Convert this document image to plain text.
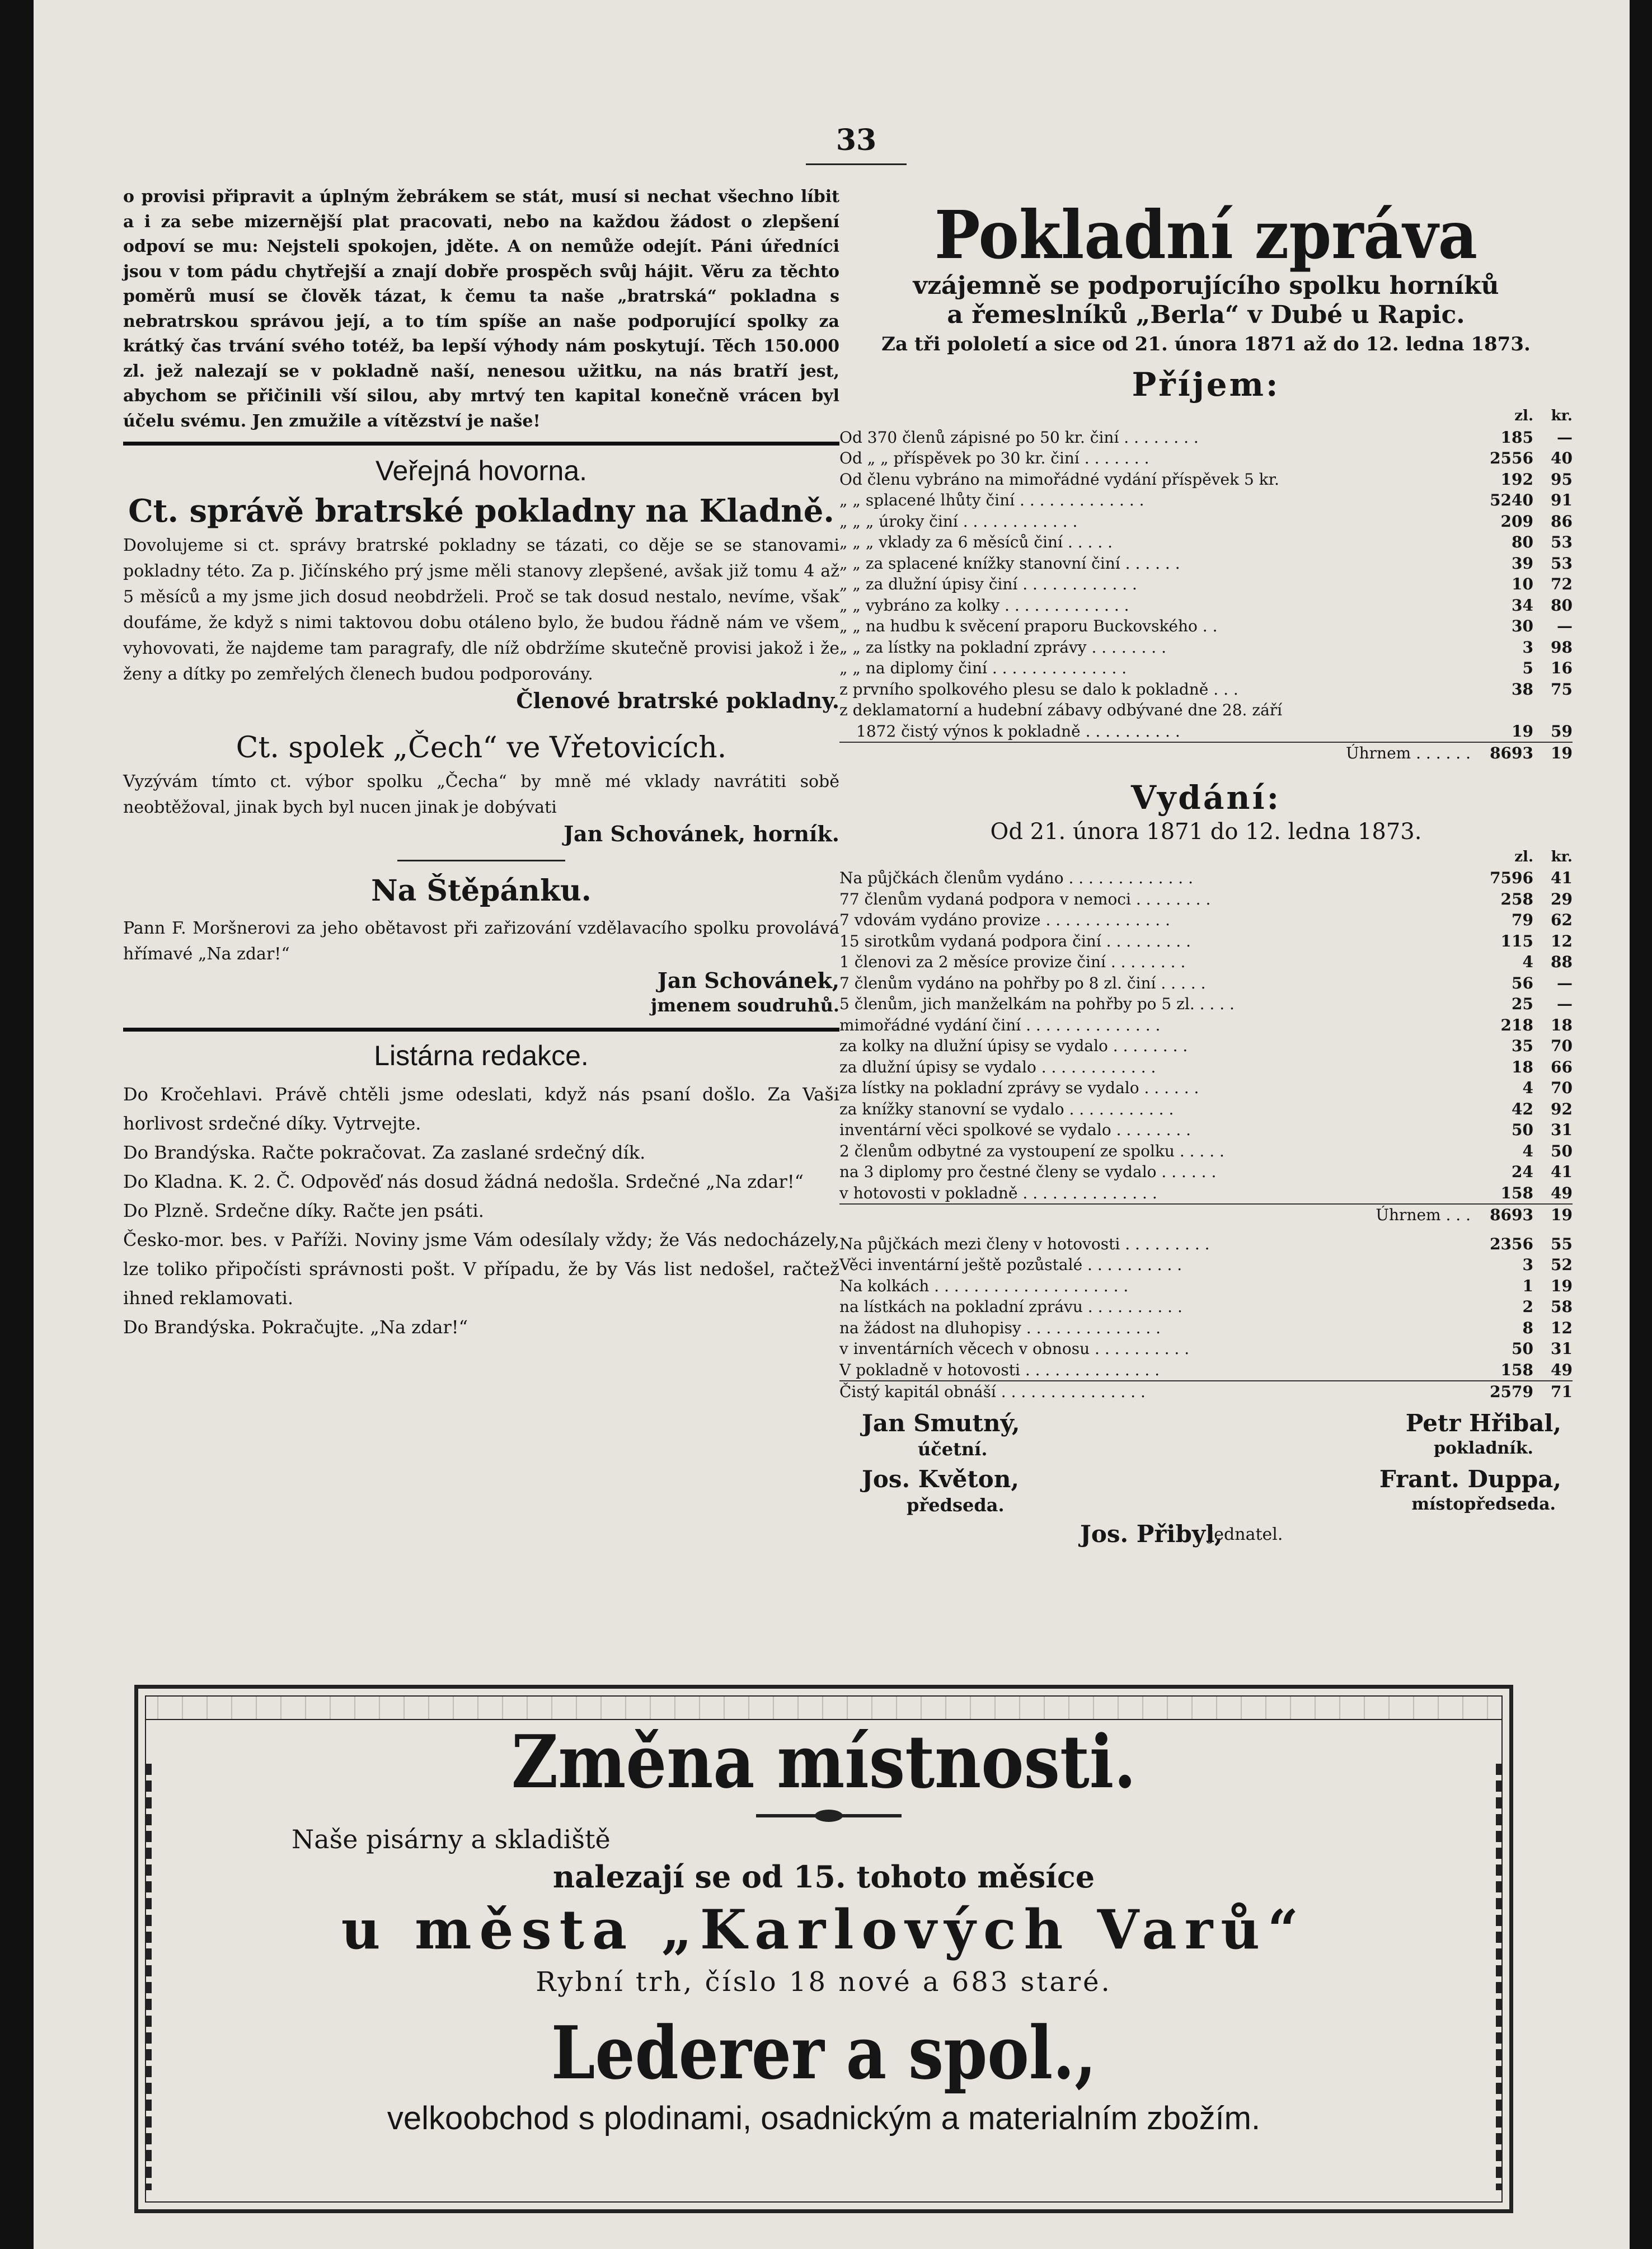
33

o provisi připravit a úplným žebrákem se stát, musí si nechat všechno líbit a i za sebe mizernější plat pracovati, nebo na každou žádost o zlepšení odpoví se mu: Nejsteli spokojen, jděte. A on nemůže odejít. Páni úředníci jsou v tom pádu chytřejší a znají dobře prospěch svůj hájit. Věru za těchto poměrů musí se člověk tázat, k čemu ta naše „bratrská“ pokladna s nebratrskou správou její, a to tím spíše an naše podporující spolky za krátký čas trvání svého totéž, ba lepší výhody nám poskytují. Těch 150.000 zl. jež nalezají se v pokladně naší, nenesou užitku, na nás bratří jest, abychom se přičinili vší silou, aby mrtvý ten kapital konečně vrácen byl účelu svému. Jen zmužile a vítězství je naše!

Veřejná hovorna.

Ct. správě bratrské pokladny na Kladně.

Dovolujeme si ct. správy bratrské pokladny se tázati, co děje se se stanovami pokladny této. Za p. Jičínského prý jsme měli stanovy zlepšené, avšak již tomu 4 až 5 měsíců a my jsme jich dosud neobdrželi. Proč se tak dosud nestalo, nevíme, však doufáme, že když s nimi taktovou dobu otáleno bylo, že budou řádně nám ve všem vyhovovati, že najdeme tam paragrafy, dle níž obdržíme skutečně provisi jakož i že ženy a dítky po zemřelých členech budou podporovány.

Členové bratrské pokladny.

Ct. spolek „Čech“ ve Vřetovicích.

Vyzývám tímto ct. výbor spolku „Čecha“ by mně mé vklady navrátiti sobě neobtěžoval, jinak bych byl nucen jinak je dobývati

Jan Schovánek, horník.

Na Štěpánku.

Pann F. Moršnerovi za jeho obětavost při zařizování vzdělavacího spolku provolává hřímavé „Na zdar!“

Jan Schovánek,

jmenem soudruhů.

Listárna redakce.

Do Kročehlavi. Právě chtěli jsme odeslati, když nás psaní došlo. Za Vaši horlivost srdečné díky. Vytrvejte.

Do Brandýska. Račte pokračovat. Za zaslané srdečný dík.

Do Kladna. K. 2. Č. Odpověď nás dosud žádná nedošla. Srdečné „Na zdar!“

Do Plzně. Srdečne díky. Račte jen psáti.

Česko-mor. bes. v Paříži. Noviny jsme Vám odesílaly vždy; že Vás nedocházely, lze toliko připočísti správnosti pošt. V případu, že by Vás list nedošel, račtež ihned reklamovati.

Do Brandýska. Pokračujte. „Na zdar!“

Pokladní zpráva

vzájemně se podporujícího spolku horníků

a řemeslníků „Berla“ v Dubé u Rapic.

Za tři pololetí a sice od 21. února 1871 až do 12. ledna 1873.

Příjem:

	zl.	kr.
Od 370 členů zápisné po 50 kr. činí . . . . . . . .	185	—
Od „ „ příspěvek po 30 kr. činí . . . . . . .	2556	40
Od členu vybráno na mimořádné vydání příspěvek 5 kr.	192	95
„ „ splacené lhůty činí . . . . . . . . . . . . .	5240	91
„ „ „ úroky činí . . . . . . . . . . . .	209	86
„ „ „ vklady za 6 měsíců činí . . . . .	80	53
„ „ za splacené knížky stanovní činí . . . . . .	39	53
„ „ za dlužní úpisy činí . . . . . . . . . . . .	10	72
„ „ vybráno za kolky . . . . . . . . . . . . .	34	80
„ „ na hudbu k svěcení praporu Buckovského . .	30	—
„ „ za lístky na pokladní zprávy . . . . . . . .	3	98
„ „ na diplomy činí . . . . . . . . . . . . . .	5	16
z prvního spolkového plesu se dalo k pokladně . . .	38	75
z deklamatorní a hudební zábavy odbývané dne 28. září		
1872 čistý výnos k pokladně . . . . . . . . . .	19	59
Úhrnem . . . . . .	8693	19

Vydání:

Od 21. února 1871 do 12. ledna 1873.

	zl.	kr.
Na půjčkách členům vydáno . . . . . . . . . . . . .	7596	41
77 členům vydaná podpora v nemoci . . . . . . . .	258	29
7 vdovám vydáno provize . . . . . . . . . . . . .	79	62
15 sirotkům vydaná podpora činí . . . . . . . . .	115	12
1 členovi za 2 měsíce provize činí . . . . . . . .	4	88
7 členům vydáno na pohřby po 8 zl. činí . . . . .	56	—
5 členům, jich manželkám na pohřby po 5 zl. . . . .	25	—
mimořádné vydání činí . . . . . . . . . . . . . .	218	18
za kolky na dlužní úpisy se vydalo . . . . . . . .	35	70
za dlužní úpisy se vydalo . . . . . . . . . . . .	18	66
za lístky na pokladní zprávy se vydalo . . . . . .	4	70
za knížky stanovní se vydalo . . . . . . . . . . .	42	92
inventární věci spolkové se vydalo . . . . . . . .	50	31
2 členům odbytné za vystoupení ze spolku . . . . .	4	50
na 3 diplomy pro čestné členy se vydalo . . . . . .	24	41
v hotovosti v pokladně . . . . . . . . . . . . . .	158	49
Úhrnem . . .	8693	19

Na půjčkách mezi členy v hotovosti . . . . . . . . .	2356	55
Věci inventární ještě pozůstalé . . . . . . . . . .	3	52
Na kolkách . . . . . . . . . . . . . . . . . . . .	1	19
na lístkách na pokladní zprávu . . . . . . . . . .	2	58
na žádost na dluhopisy . . . . . . . . . . . . . .	8	12
v inventárních věcech v obnosu . . . . . . . . . .	50	31
V pokladně v hotovosti . . . . . . . . . . . . . .	158	49
Čistý kapitál obnáší . . . . . . . . . . . . . . .	2579	71
Jan Smutný,
účetní.
Jos. Květon,
předseda.
Jos. Přibyl,
jednatel.
Petr Hřibal,
pokladník.
Frant. Duppa,
místopředseda.
Změna místnosti.
Naše pisárny a skladiště
nalezají se od 15. tohoto měsíce
u města „Karlových Varů“
Rybní trh, číslo 18 nové a 683 staré.
Lederer a spol.,
velkoobchod s plodinami, osadnickým a materialním zbožím.
